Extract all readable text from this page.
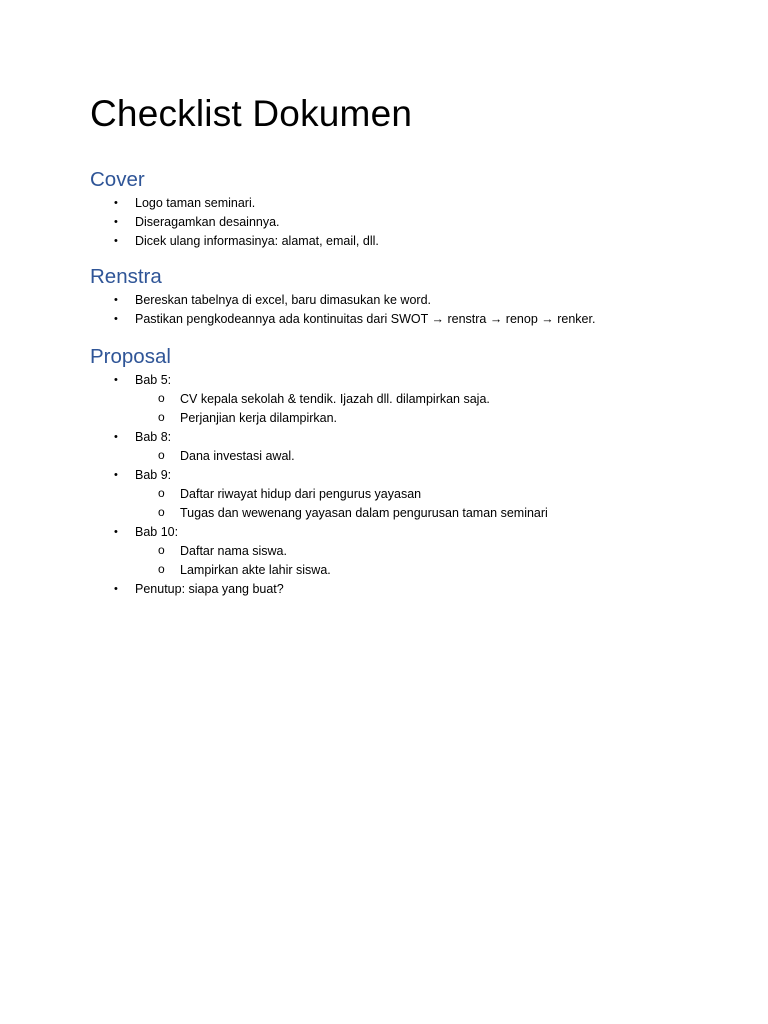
Checklist Dokumen
Cover
•	Logo taman seminari.
•	Diseragamkan desainnya.
•	Dicek ulang informasinya: alamat, email, dll.
Renstra
•	Bereskan tabelnya di excel, baru dimasukan ke word.
•	Pastikan pengkodeannya ada kontinuitas dari SWOT → renstra → renop → renker.
Proposal
•	Bab 5:
o	CV kepala sekolah & tendik. Ijazah dll. dilampirkan saja.
o	Perjanjian kerja dilampirkan.
•	Bab 8:
o	Dana investasi awal.
•	Bab 9:
o	Daftar riwayat hidup dari pengurus yayasan
o	Tugas dan wewenang yayasan dalam pengurusan taman seminari
•	Bab 10:
o	Daftar nama siswa.
o	Lampirkan akte lahir siswa.
•	Penutup: siapa yang buat?
